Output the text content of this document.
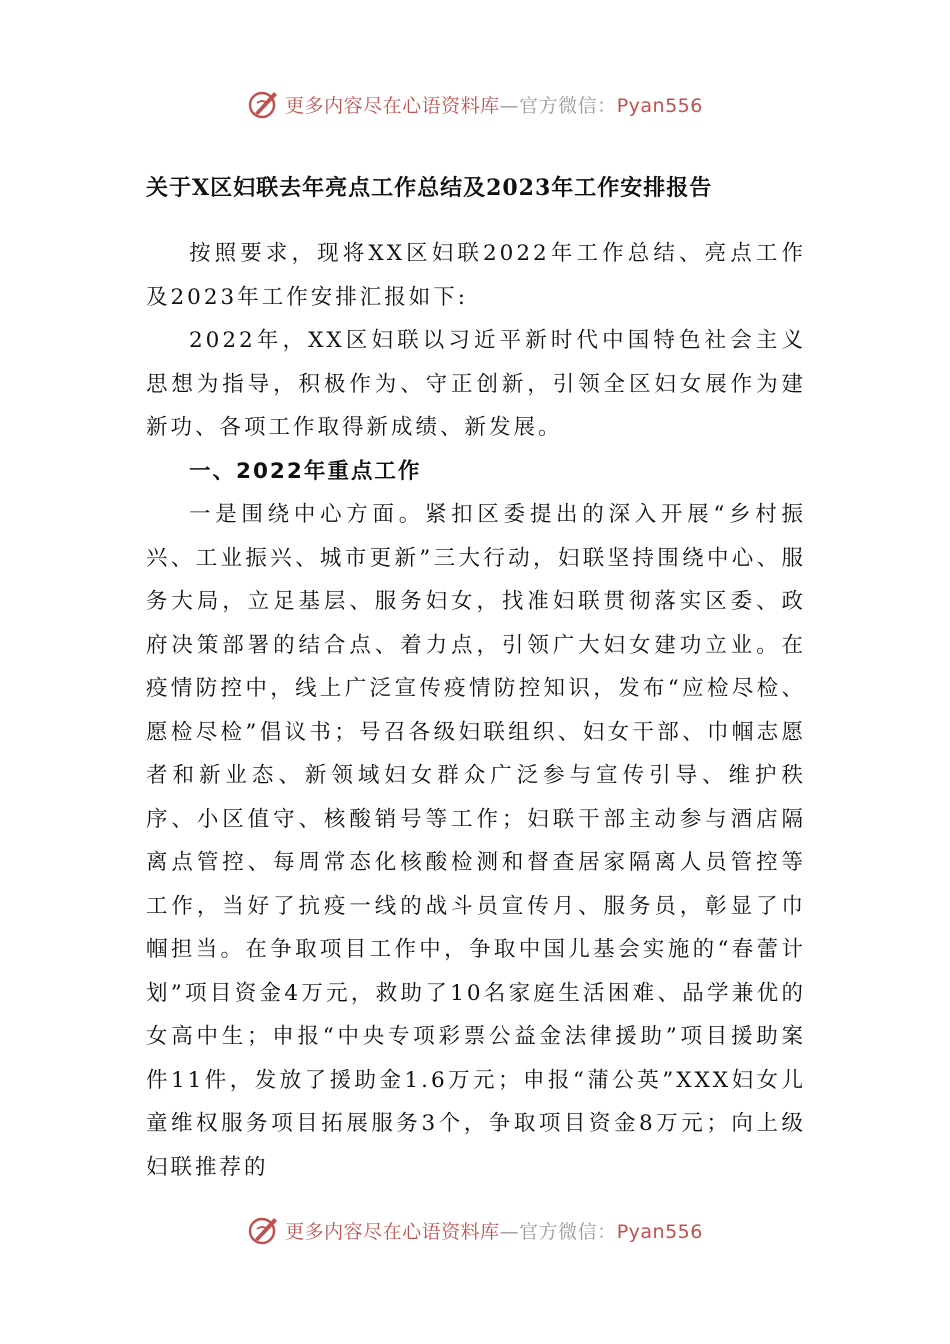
更多内容尽在心语资料库—官方微信：Pyan556
关于X区妇联去年亮点工作总结及2023年工作安排报告

按照要求，现将XX区妇联2022年工作总结、亮点工作及2023年工作安排汇报如下:

2022年，XX区妇联以习近平新时代中国特色社会主义思想为指导，积极作为、守正创新，引领全区妇女展作为建新功、各项工作取得新成绩、新发展。

一、2022年重点工作

一是围绕中心方面。紧扣区委提出的深入开展“乡村振兴、工业振兴、城市更新”三大行动，妇联坚持围绕中心、服务大局，立足基层、服务妇女，找准妇联贯彻落实区委、政府决策部署的结合点、着力点，引领广大妇女建功立业。在疫情防控中，线上广泛宣传疫情防控知识，发布“应检尽检、愿检尽检”倡议书；号召各级妇联组织、妇女干部、巾帼志愿者和新业态、新领域妇女群众广泛参与宣传引导、维护秩序、小区值守、核酸销号等工作；妇联干部主动参与酒店隔离点管控、每周常态化核酸检测和督查居家隔离人员管控等工作，当好了抗疫一线的战斗员宣传月、服务员，彰显了巾帼担当。在争取项目工作中，争取中国儿基会实施的“春蕾计划”项目资金4万元，救助了10名家庭生活困难、品学兼优的女高中生；申报“中央专项彩票公益金法律援助”项目援助案件11件，发放了援助金1.6万元；申报“蒲公英”XXX妇女儿童维权服务项目拓展服务3个，争取项目资金8万元；向上级妇联推荐的

更多内容尽在心语资料库—官方微信：Pyan556
